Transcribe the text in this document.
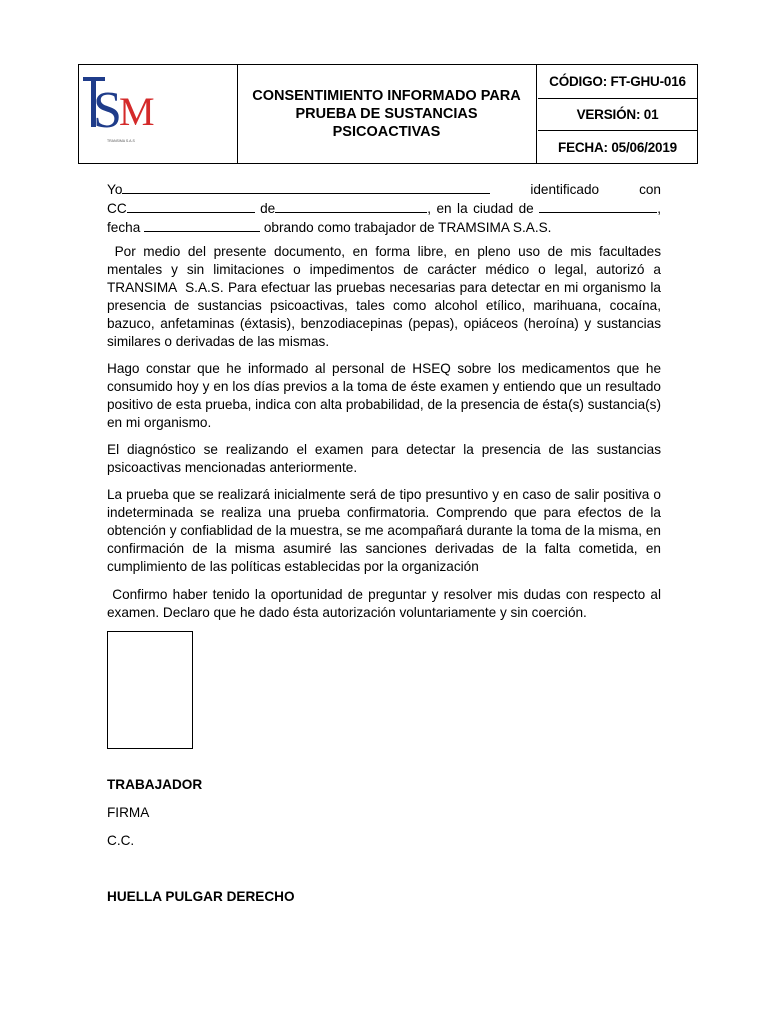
S
M
TRANSIMA S.A.S
CONSENTIMIENTO INFORMADO PARA PRUEBA DE SUSTANCIAS PSICOACTIVAS
CÓDIGO: FT-GHU-016
VERSIÓN: 01
FECHA: 05/06/2019

Yo	identificado	con

CC	de	, en la ciudad de	,

fecha	obrando como trabajador de TRAMSIMA S.A.S.

Por medio del presente documento, en forma libre, en pleno uso de mis facultades mentales y sin limitaciones o impedimentos de carácter médico o legal, autorizó a TRANSIMA  S.A.S. Para efectuar las pruebas necesarias para detectar en mi organismo la presencia de sustancias psicoactivas, tales como alcohol etílico, marihuana, cocaína, bazuco, anfetaminas (éxtasis), benzodiacepinas (pepas), opiáceos (heroína) y sustancias similares o derivadas de las mismas.

Hago constar que he informado al personal de HSEQ sobre los medicamentos que he consumido hoy y en los días previos a la toma de éste examen y entiendo que un resultado positivo de esta prueba, indica con alta probabilidad, de la presencia de ésta(s) sustancia(s) en mi organismo.

El diagnóstico se realizando el examen para detectar la presencia de las sustancias psicoactivas mencionadas anteriormente.

La prueba que se realizará inicialmente será de tipo presuntivo y en caso de salir positiva o indeterminada se realiza una prueba confirmatoria. Comprendo que para efectos de la obtención y confiablidad de la muestra, se me acompañará durante la toma de la misma, en confirmación de la misma asumiré las sanciones derivadas de la falta cometida, en cumplimiento de las políticas establecidas por la organización

Confirmo haber tenido la oportunidad de preguntar y resolver mis dudas con respecto al examen. Declaro que he dado ésta autorización voluntariamente y sin coerción.

TRABAJADOR
FIRMA
C.C.
HUELLA PULGAR DERECHO
